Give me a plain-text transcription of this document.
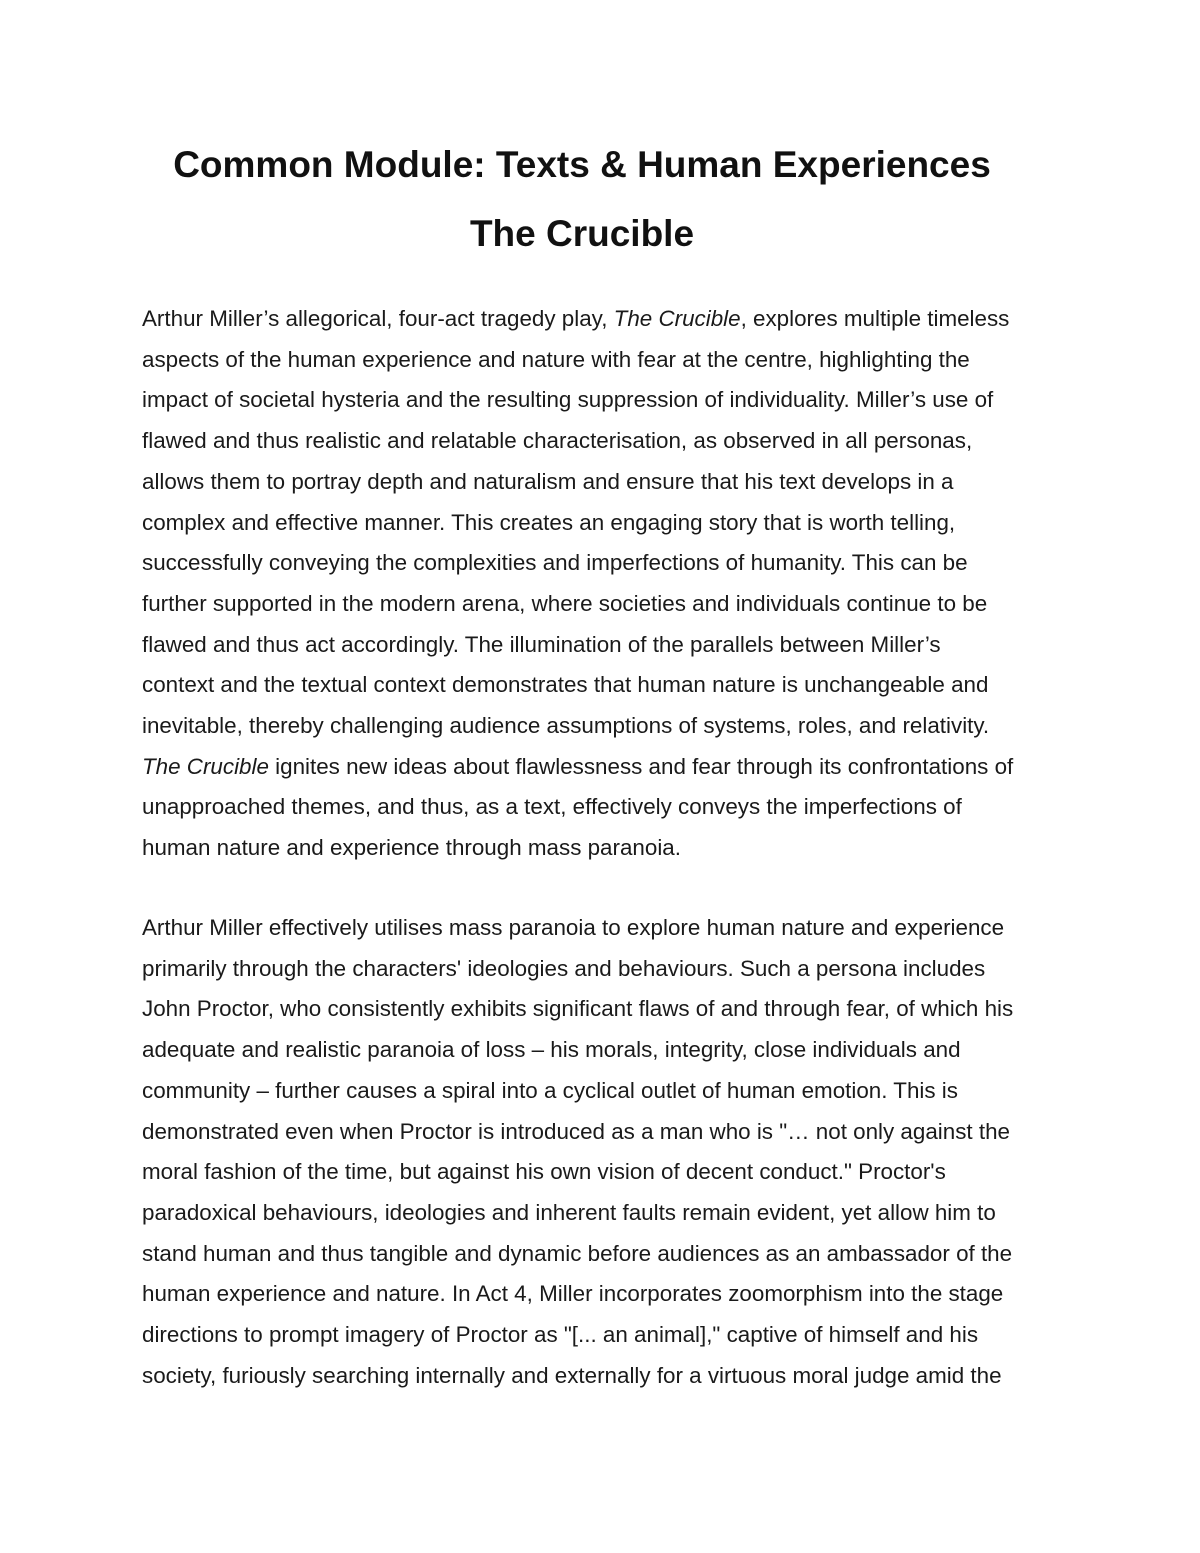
Common Module: Texts & Human Experiences
The Crucible

Arthur Miller’s allegorical, four-act tragedy play, The Crucible, explores multiple timeless
aspects of the human experience and nature with fear at the centre, highlighting the
impact of societal hysteria and the resulting suppression of individuality. Miller’s use of
flawed and thus realistic and relatable characterisation, as observed in all personas,
allows them to portray depth and naturalism and ensure that his text develops in a
complex and effective manner. This creates an engaging story that is worth telling,
successfully conveying the complexities and imperfections of humanity. This can be
further supported in the modern arena, where societies and individuals continue to be
flawed and thus act accordingly. The illumination of the parallels between Miller’s
context and the textual context demonstrates that human nature is unchangeable and
inevitable, thereby challenging audience assumptions of systems, roles, and relativity.
The Crucible ignites new ideas about flawlessness and fear through its confrontations of
unapproached themes, and thus, as a text, effectively conveys the imperfections of
human nature and experience through mass paranoia.

Arthur Miller effectively utilises mass paranoia to explore human nature and experience
primarily through the characters' ideologies and behaviours. Such a persona includes
John Proctor, who consistently exhibits significant flaws of and through fear, of which his
adequate and realistic paranoia of loss – his morals, integrity, close individuals and
community – further causes a spiral into a cyclical outlet of human emotion. This is
demonstrated even when Proctor is introduced as a man who is "… not only against the
moral fashion of the time, but against his own vision of decent conduct." Proctor's
paradoxical behaviours, ideologies and inherent faults remain evident, yet allow him to
stand human and thus tangible and dynamic before audiences as an ambassador of the
human experience and nature. In Act 4, Miller incorporates zoomorphism into the stage
directions to prompt imagery of Proctor as "[... an animal]," captive of himself and his
society, furiously searching internally and externally for a virtuous moral judge amid the
